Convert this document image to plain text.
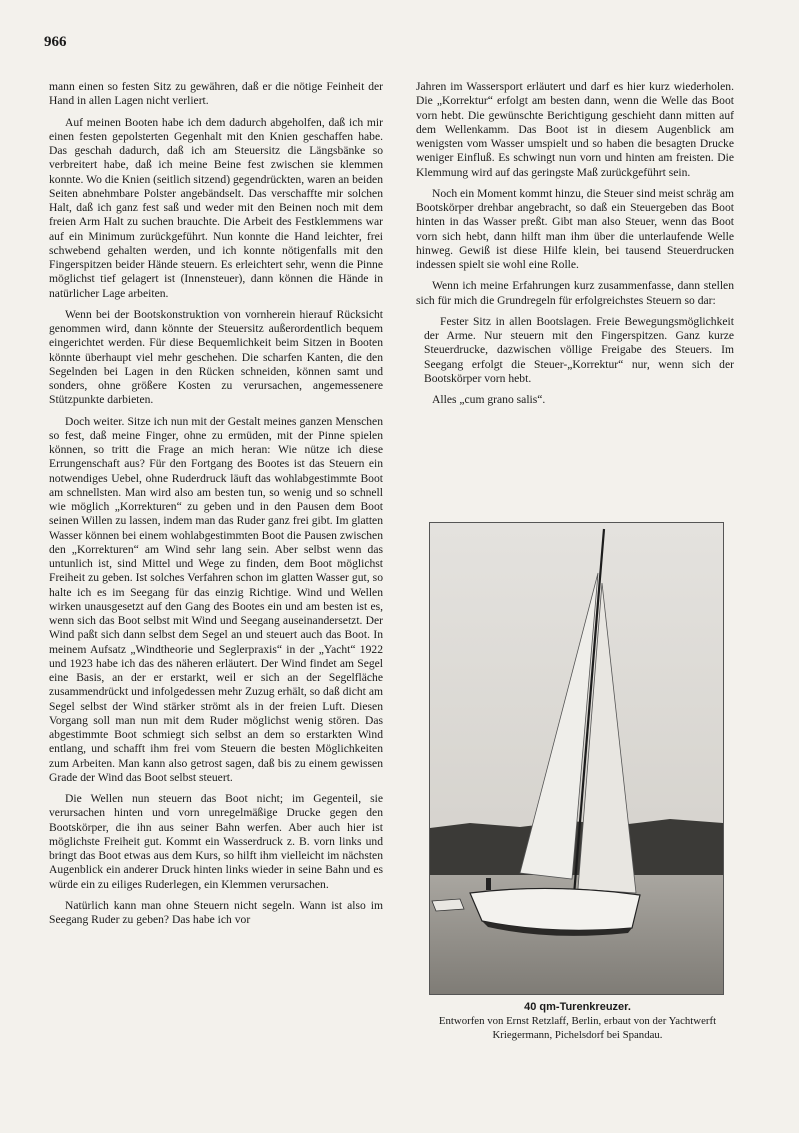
966

mann einen so festen Sitz zu gewähren, daß er die nötige Feinheit der Hand in allen Lagen nicht verliert.

Auf meinen Booten habe ich dem dadurch abgeholfen, daß ich mir einen festen gepolsterten Gegenhalt mit den Knien geschaffen habe. Das geschah dadurch, daß ich am Steuersitz die Längsbänke so verbreitert habe, daß ich meine Beine fest zwischen sie klemmen konnte. Wo die Knien (seitlich sitzend) gegendrückten, waren an beiden Seiten abnehmbare Polster angebändselt. Das verschaffte mir solchen Halt, daß ich ganz fest saß und weder mit den Beinen noch mit dem freien Arm Halt zu suchen brauchte. Die Arbeit des Festklemmens war auf ein Minimum zurückgeführt. Nun konnte die Hand leichter, frei schwebend gehalten werden, und ich konnte nötigenfalls mit den Fingerspitzen beider Hände steuern. Es erleichtert sehr, wenn die Pinne möglichst tief gelagert ist (Innensteuer), dann können die Hände in natürlicher Lage arbeiten.

Wenn bei der Bootskonstruktion von vornherein hierauf Rücksicht genommen wird, dann könnte der Steuersitz außerordentlich bequem eingerichtet werden. Für diese Bequemlichkeit beim Sitzen in Booten könnte überhaupt viel mehr geschehen. Die scharfen Kanten, die den Segelnden bei Lagen in den Rücken schneiden, können samt und sonders, ohne größere Kosten zu verursachen, angemessenere Stützpunkte darbieten.

Doch weiter. Sitze ich nun mit der Gestalt meines ganzen Menschen so fest, daß meine Finger, ohne zu ermüden, mit der Pinne spielen können, so tritt die Frage an mich heran: Wie nütze ich diese Errungenschaft aus? Für den Fortgang des Bootes ist das Steuern ein notwendiges Uebel, ohne Ruderdruck läuft das wohlabgestimmte Boot am schnellsten. Man wird also am besten tun, so wenig und so schnell wie möglich „Korrekturen“ zu geben und in den Pausen dem Boot seinen Willen zu lassen, indem man das Ruder ganz frei gibt. Im glatten Wasser können bei einem wohlabgestimmten Boot die Pausen zwischen den „Korrekturen“ am Wind sehr lang sein. Aber selbst wenn das untunlich ist, sind Mittel und Wege zu finden, dem Boot möglichst Freiheit zu geben. Ist solches Verfahren schon im glatten Wasser gut, so halte ich es im Seegang für das einzig Richtige. Wind und Wellen wirken unausgesetzt auf den Gang des Bootes ein und am besten ist es, wenn sich das Boot selbst mit Wind und Seegang auseinandersetzt. Der Wind paßt sich dann selbst dem Segel an und steuert auch das Boot. In meinem Aufsatz „Windtheorie und Seglerpraxis“ in der „Yacht“ 1922 und 1923 habe ich das des näheren erläutert. Der Wind findet am Segel eine Basis, an der er erstarkt, weil er sich an der Segelfläche zusammendrückt und infolgedessen mehr Zuzug erhält, so daß dicht am Segel selbst der Wind stärker strömt als in der freien Luft. Diesen Vorgang soll man nun mit dem Ruder möglichst wenig stören. Das abgestimmte Boot schmiegt sich selbst an dem so erstarkten Wind entlang, und schafft ihm frei vom Steuern die besten Möglichkeiten zum Arbeiten. Man kann also getrost sagen, daß bis zu einem gewissen Grade der Wind das Boot selbst steuert.

Die Wellen nun steuern das Boot nicht; im Gegenteil, sie verursachen hinten und vorn unregelmäßige Drucke gegen den Bootskörper, die ihn aus seiner Bahn werfen. Aber auch hier ist möglichste Freiheit gut. Kommt ein Wasserdruck z. B. vorn links und bringt das Boot etwas aus dem Kurs, so hilft ihm vielleicht im nächsten Augenblick ein anderer Druck hinten links wieder in seine Bahn und es würde ein zu eiliges Ruderlegen, ein Klemmen verursachen.

Natürlich kann man ohne Steuern nicht segeln. Wann ist also im Seegang Ruder zu geben? Das habe ich vor

Jahren im Wassersport erläutert und darf es hier kurz wiederholen. Die „Korrektur“ erfolgt am besten dann, wenn die Welle das Boot vorn hebt. Die gewünschte Berichtigung geschieht dann mitten auf dem Wellenkamm. Das Boot ist in diesem Augenblick am wenigsten vom Wasser umspielt und so haben die besagten Drucke weniger Einfluß. Es schwingt nun vorn und hinten am freisten. Die Klemmung wird auf das geringste Maß zurückgeführt sein.

Noch ein Moment kommt hinzu, die Steuer sind meist schräg am Bootskörper drehbar angebracht, so daß ein Steuergeben das Boot hinten in das Wasser preßt. Gibt man also Steuer, wenn das Boot vorn sich hebt, dann hilft man ihm über die unterlaufende Welle hinweg. Gewiß ist diese Hilfe klein, bei tausend Steuerdrucken indessen spielt sie wohl eine Rolle.

Wenn ich meine Erfahrungen kurz zusammenfasse, dann stellen sich für mich die Grundregeln für erfolgreichstes Steuern so dar:

Fester Sitz in allen Bootslagen. Freie Bewegungsmöglichkeit der Arme. Nur steuern mit den Fingerspitzen. Ganz kurze Steuerdrucke, dazwischen völlige Freigabe des Steuers. Im Seegang erfolgt die Steuer-„Korrektur“ nur, wenn sich der Bootskörper vorn hebt.

Alles „cum grano salis“.

40 qm-Turenkreuzer.
Entworfen von Ernst Retzlaff, Berlin, erbaut von der Yachtwerft
Kriegermann, Pichelsdorf bei Spandau.
